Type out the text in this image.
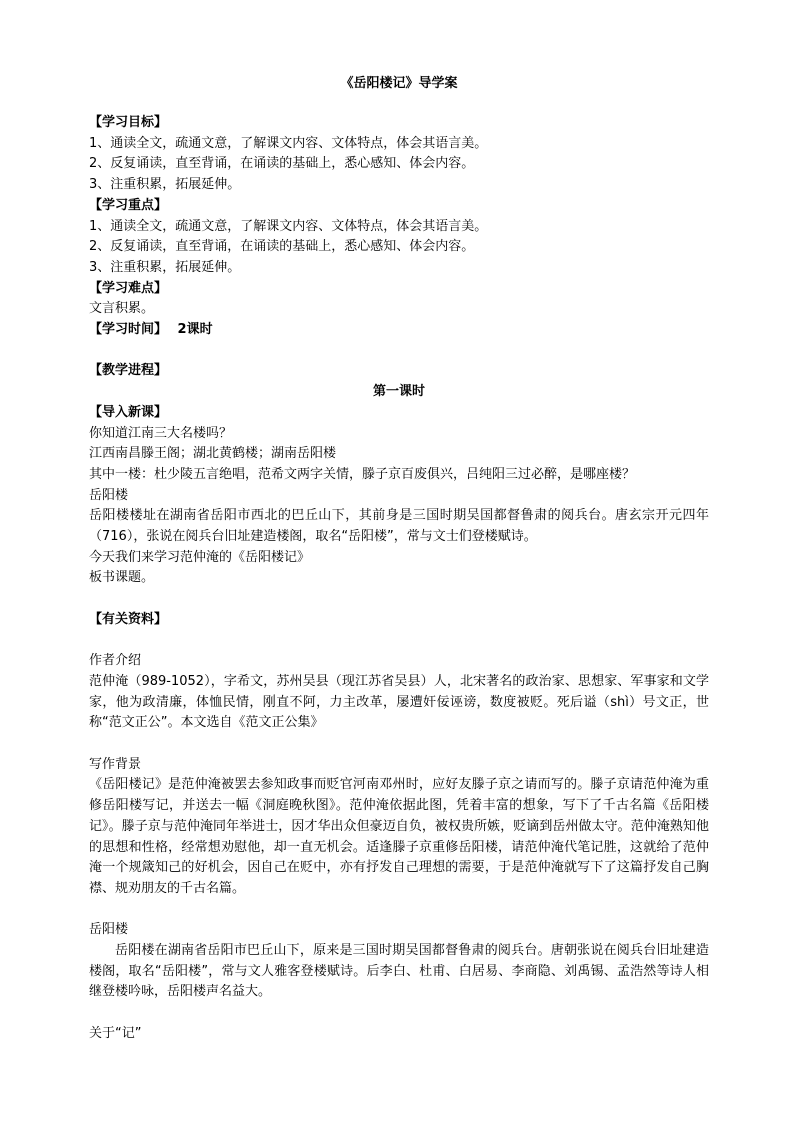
《岳阳楼记》导学案
【学习目标】
1、通读全文，疏通文意，了解课文内容、文体特点，体会其语言美。
2、反复诵读，直至背诵，在诵读的基础上，悉心感知、体会内容。
3、注重积累，拓展延伸。
【学习重点】
1、通读全文，疏通文意，了解课文内容、文体特点，体会其语言美。
2、反复诵读，直至背诵，在诵读的基础上，悉心感知、体会内容。
3、注重积累，拓展延伸。
【学习难点】
文言积累。
【学习时间】 2课时
【教学进程】
第一课时
【导入新课】
你知道江南三大名楼吗？
江西南昌滕王阁；湖北黄鹤楼；湖南岳阳楼
其中一楼：杜少陵五言绝唱，范希文两字关情，滕子京百废俱兴，吕纯阳三过必醉，是哪座楼？
岳阳楼
岳阳楼楼址在湖南省岳阳市西北的巴丘山下，其前身是三国时期吴国都督鲁肃的阅兵台。唐玄宗开元四年（716），张说在阅兵台旧址建造楼阁，取名“岳阳楼”，常与文士们登楼赋诗。
今天我们来学习范仲淹的《岳阳楼记》
板书课题。
【有关资料】
作者介绍
范仲淹（989-1052），字希文，苏州吴县（现江苏省吴县）人，北宋著名的政治家、思想家、军事家和文学家，他为政清廉，体恤民情，刚直不阿，力主改革，屡遭奸佞诬谤，数度被贬。死后谥（shì）号文正，世称“范文正公”。本文选自《范文正公集》
写作背景
《岳阳楼记》是范仲淹被罢去参知政事而贬官河南邓州时，应好友滕子京之请而写的。滕子京请范仲淹为重修岳阳楼写记，并送去一幅《洞庭晚秋图》。范仲淹依据此图，凭着丰富的想象，写下了千古名篇《岳阳楼记》。滕子京与范仲淹同年举进士，因才华出众但豪迈自负，被权贵所嫉，贬谪到岳州做太守。范仲淹熟知他的思想和性格，经常想劝慰他，却一直无机会。适逢滕子京重修岳阳楼，请范仲淹代笔记胜，这就给了范仲淹一个规箴知己的好机会，因自己在贬中，亦有抒发自己理想的需要，于是范仲淹就写下了这篇抒发自己胸襟、规劝朋友的千古名篇。
岳阳楼
岳阳楼在湖南省岳阳市巴丘山下，原来是三国时期吴国都督鲁肃的阅兵台。唐朝张说在阅兵台旧址建造楼阁，取名“岳阳楼”，常与文人雅客登楼赋诗。后李白、杜甫、白居易、李商隐、刘禹锡、孟浩然等诗人相继登楼吟咏，岳阳楼声名益大。
关于“记”
